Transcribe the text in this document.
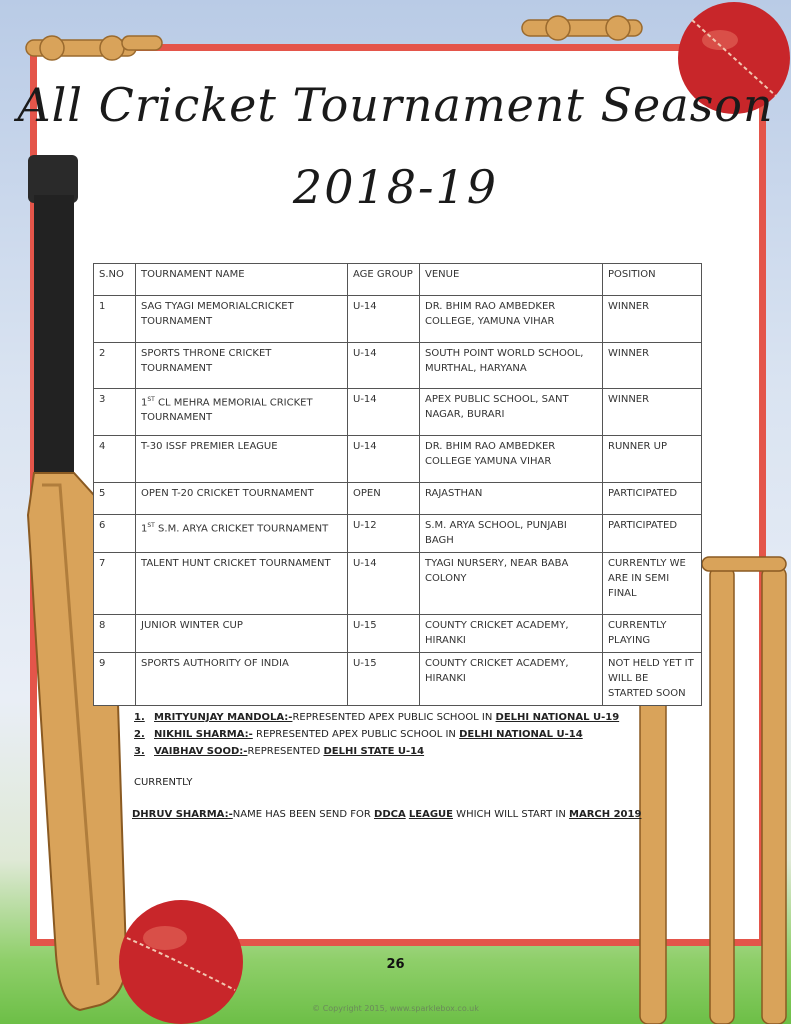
All Cricket Tournament Season
2018-19
S.NO	TOURNAMENT NAME	AGE GROUP	VENUE	POSITION
1	SAG TYAGI MEMORIALCRICKET TOURNAMENT	U-14	DR. BHIM RAO AMBEDKER COLLEGE, YAMUNA VIHAR	WINNER
2	SPORTS THRONE CRICKET TOURNAMENT	U-14	SOUTH POINT WORLD SCHOOL, MURTHAL, HARYANA	WINNER
3	1ST CL MEHRA MEMORIAL CRICKET TOURNAMENT	U-14	APEX PUBLIC SCHOOL, SANT NAGAR, BURARI	WINNER
4	T-30 ISSF PREMIER LEAGUE	U-14	DR. BHIM RAO AMBEDKER COLLEGE YAMUNA VIHAR	RUNNER UP
5	OPEN T-20 CRICKET TOURNAMENT	OPEN	RAJASTHAN	PARTICIPATED
6	1ST S.M. ARYA CRICKET TOURNAMENT	U-12	S.M. ARYA SCHOOL, PUNJABI BAGH	PARTICIPATED
7	TALENT HUNT CRICKET TOURNAMENT	U-14	TYAGI NURSERY, NEAR BABA COLONY	CURRENTLY WE ARE IN SEMI FINAL
8	JUNIOR WINTER CUP	U-15	COUNTY CRICKET ACADEMY, HIRANKI	CURRENTLY PLAYING
9	SPORTS AUTHORITY OF INDIA	U-15	COUNTY CRICKET ACADEMY, HIRANKI	NOT HELD YET IT WILL BE STARTED SOON
1. MRITYUNJAY MANDOLA:- REPRESENTED APEX PUBLIC SCHOOL IN DELHI NATIONAL U-19
2. NIKHIL SHARMA:- REPRESENTED APEX PUBLIC SCHOOL IN DELHI NATIONAL U-14
3. VAIBHAV SOOD:- REPRESENTED DELHI STATE U-14
CURRENTLY
DHRUV SHARMA:-NAME HAS BEEN SEND FOR DDCA LEAGUE WHICH WILL START IN MARCH 2019
26
© Copyright 2015, www.sparklebox.co.uk
